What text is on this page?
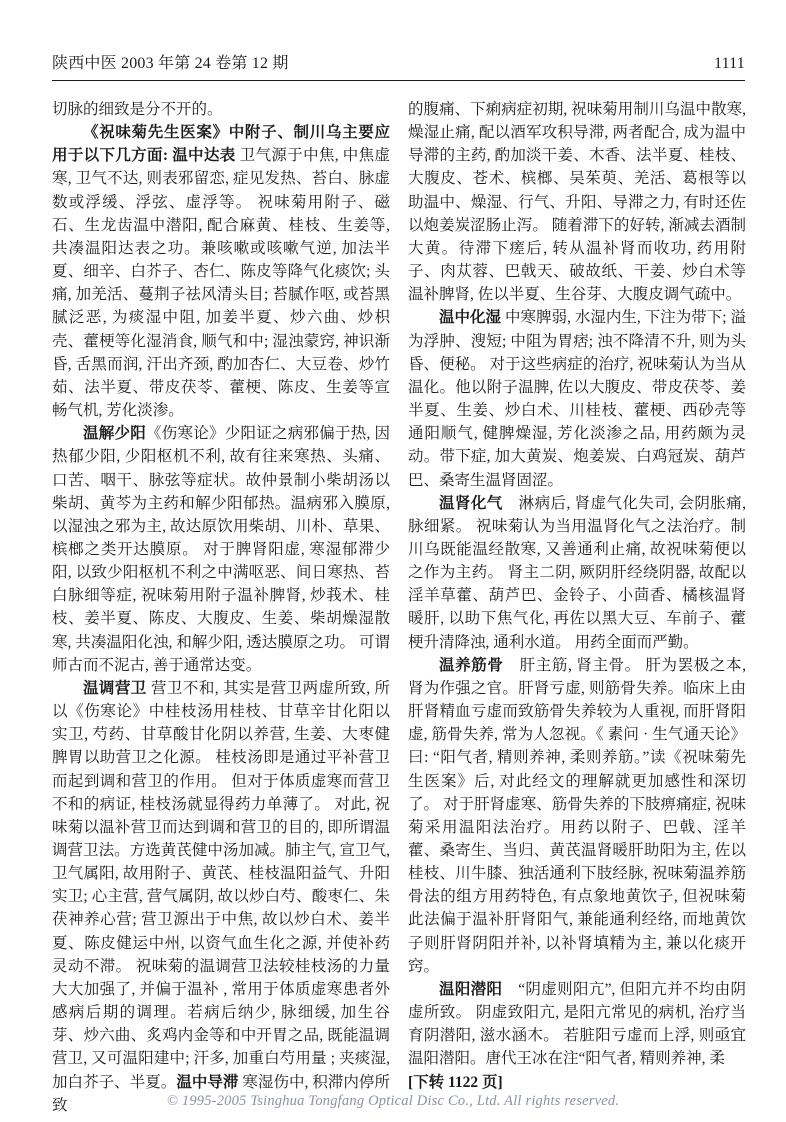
陕西中医 2003 年第 24 卷第 12 期	1111

切脉的细致是分不开的。

《祝味菊先生医案》中附子、制川乌主要应用于以下几方面: 温中达表 卫气源于中焦, 中焦虚寒, 卫气不达, 则表邪留恋, 症见发热、苔白、脉虚数或浮缓、浮弦、虚浮等。 祝味菊用附子、磁石、生龙齿温中潜阳, 配合麻黄、桂枝、生姜等, 共凑温阳达表之功。兼咳嗽或咳嗽气逆, 加法半夏、细辛、白芥子、杏仁、陈皮等降气化痰饮; 头痛, 加羌活、蔓荆子祛风清头目; 苔腻作呕, 或苔黑腻泛恶, 为痰湿中阻, 加姜半夏、炒六曲、炒枳壳、藿梗等化湿消食, 顺气和中; 湿浊蒙窍, 神识渐昏, 舌黑而润, 汗出齐颈, 酌加杏仁、大豆卷、炒竹茹、法半夏、带皮茯苓、藿梗、陈皮、生姜等宣畅气机, 芳化淡渗。

温解少阳《伤寒论》少阳证之病邪偏于热, 因热郁少阳, 少阳枢机不利, 故有往来寒热、头痛、口苦、咽干、脉弦等症状。故仲景制小柴胡汤以柴胡、黄芩为主药和解少阳郁热。温病邪入膜原, 以湿浊之邪为主, 故达原饮用柴胡、川朴、草果、槟榔之类开达膜原。 对于脾肾阳虚, 寒湿郁滞少阳, 以致少阳枢机不利之中满呕恶、间日寒热、苔白脉细等症, 祝味菊用附子温补脾肾, 炒莪术、桂枝、姜半夏、陈皮、大腹皮、生姜、柴胡燥湿散寒, 共凑温阳化浊, 和解少阳, 透达膜原之功。 可谓师古而不泥古, 善于通常达变。

温调营卫 营卫不和, 其实是营卫两虚所致, 所以《伤寒论》中桂枝汤用桂枝、甘草辛甘化阳以实卫, 芍药、甘草酸甘化阴以养营, 生姜、大枣健脾胃以助营卫之化源。 桂枝汤即是通过平补营卫而起到调和营卫的作用。 但对于体质虚寒而营卫不和的病证, 桂枝汤就显得药力单薄了。 对此, 祝味菊以温补营卫而达到调和营卫的目的, 即所谓温调营卫法。方选黄芪健中汤加减。肺主气, 宣卫气, 卫气属阳, 故用附子、黄芪、桂枝温阳益气、升阳实卫; 心主营, 营气属阴, 故以炒白芍、酸枣仁、朱茯神养心营; 营卫源出于中焦, 故以炒白术、姜半夏、陈皮健运中州, 以资气血生化之源, 并使补药灵动不滞。 祝味菊的温调营卫法较桂枝汤的力量大大加强了, 并偏于温补 , 常用于体质虚寒患者外感病后期的调理。若病后纳少, 脉细缓, 加生谷芽、炒六曲、炙鸡内金等和中开胃之品, 既能温调营卫, 又可温阳建中; 汗多, 加重白芍用量 ; 夹痰湿, 加白芥子、半夏。温中导滞 寒湿伤中, 积滞内停所致

的腹痛、下痢病症初期, 祝味菊用制川乌温中散寒, 燥湿止痛, 配以酒军攻积导滞, 两者配合, 成为温中导滞的主药, 酌加淡干姜、木香、法半夏、桂枝、大腹皮、苍术、槟榔、吴茱萸、羌活、葛根等以助温中、燥湿、行气、升阳、导滞之力, 有时还佐以炮姜炭涩肠止泻。 随着滞下的好转, 渐减去酒制大黄。待滞下瘥后, 转从温补肾而收功, 药用附子、肉苁蓉、巴戟天、破故纸、干姜、炒白术等温补脾肾, 佐以半夏、生谷芽、大腹皮调气疏中。

温中化湿 中寒脾弱, 水湿内生, 下注为带下; 溢为浮肿、溲短; 中阻为胃痞; 浊不降清不升, 则为头昏、便秘。 对于这些病症的治疗, 祝味菊认为当从温化。他以附子温脾, 佐以大腹皮、带皮茯苓、姜半夏、生姜、炒白术、川桂枝、藿梗、西砂壳等通阳顺气, 健脾燥湿, 芳化淡渗之品, 用药颇为灵动。带下症, 加大黄炭、炮姜炭、白鸡冠炭、葫芦巴、桑寄生温肾固涩。

温肾化气　淋病后, 肾虚气化失司, 会阴胀痛, 脉细紧。 祝味菊认为当用温肾化气之法治疗。制川乌既能温经散寒, 又善通利止痛, 故祝味菊便以之作为主药。 肾主二阴, 厥阴肝经绕阴器, 故配以淫羊草藿、葫芦巴、金铃子、小茴香、橘核温肾暖肝, 以助下焦气化, 再佐以黑大豆、车前子、藿梗升清降浊, 通利水道。 用药全面而严勤。

温养筋骨　肝主筋, 肾主骨。 肝为罢极之本, 肾为作强之官。肝肾亏虚, 则筋骨失养。临床上由肝肾精血亏虚而致筋骨失养较为人重视, 而肝肾阳虚, 筋骨失养, 常为人忽视。《 素问 · 生气通天论》曰: “阳气者, 精则养神, 柔则养筋。”读《祝味菊先生医案》后, 对此经文的理解就更加感性和深切了。 对于肝肾虚寒、筋骨失养的下肢痹痛症, 祝味菊采用温阳法治疗。用药以附子、巴戟、淫羊藿、桑寄生、当归、黄芪温肾暖肝助阳为主, 佐以桂枝、川牛膝、独活通利下肢经脉, 祝味菊温养筋骨法的组方用药特色, 有点象地黄饮子, 但祝味菊此法偏于温补肝肾阳气, 兼能通利经络, 而地黄饮子则肝肾阴阳并补, 以补肾填精为主, 兼以化痰开窍。

温阳潜阳　“阴虚则阳亢”, 但阳亢并不均由阴虚所致。 阴虚致阳亢, 是阳亢常见的病机, 治疗当育阴潜阳, 滋水涵木。 若脏阳亏虚而上浮, 则亟宜温阳潜阳。唐代王冰在注“阳气者, 精则养神, 柔

[下转 1122 页]

© 1995-2005 Tsinghua Tongfang Optical Disc Co., Ltd. All rights reserved.
